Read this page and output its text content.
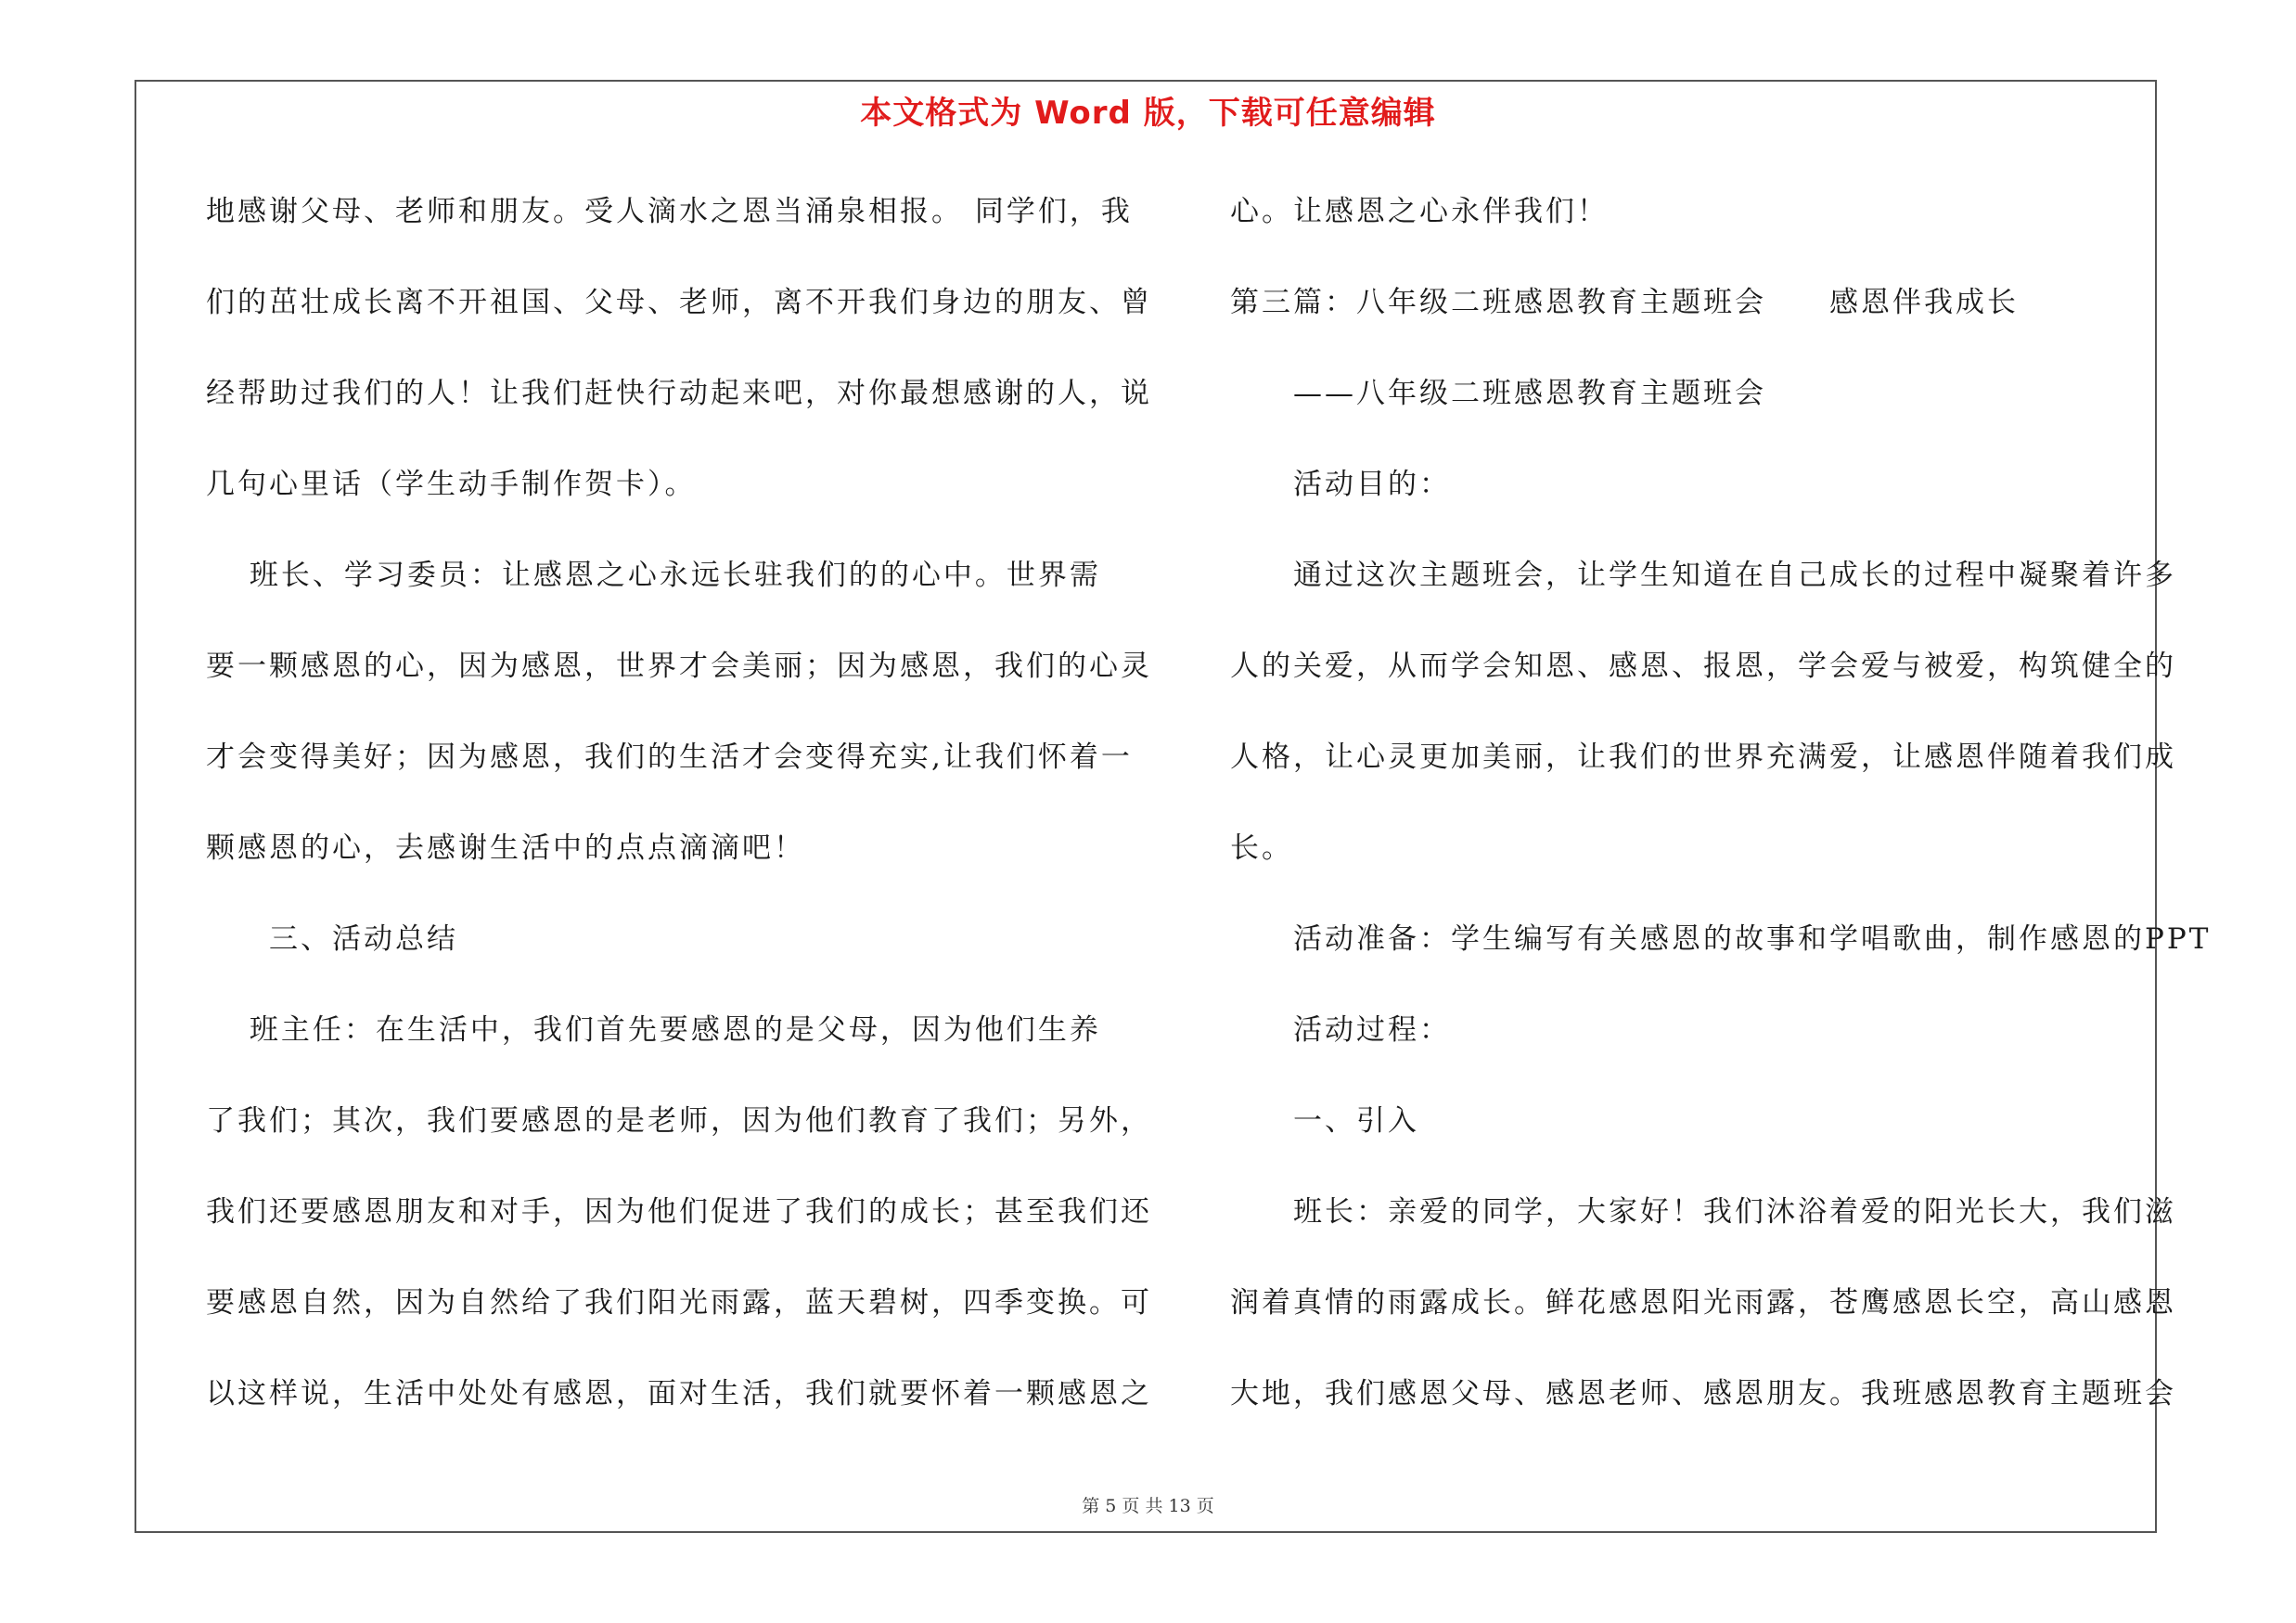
本文格式为 Word 版，下载可任意编辑
地感谢父母、老师和朋友。受人滴水之恩当涌泉相报。 同学们，我
们的茁壮成长离不开祖国、父母、老师，离不开我们身边的朋友、曾
经帮助过我们的人！让我们赶快行动起来吧，对你最想感谢的人，说
几句心里话（学生动手制作贺卡）。
　 班长、学习委员：让感恩之心永远长驻我们的的心中。世界需
要一颗感恩的心，因为感恩，世界才会美丽；因为感恩，我们的心灵
才会变得美好；因为感恩，我们的生活才会变得充实,让我们怀着一
颗感恩的心，去感谢生活中的点点滴滴吧！
　　三、活动总结
　 班主任：在生活中，我们首先要感恩的是父母，因为他们生养
了我们；其次，我们要感恩的是老师，因为他们教育了我们；另外，
我们还要感恩朋友和对手，因为他们促进了我们的成长；甚至我们还
要感恩自然，因为自然给了我们阳光雨露，蓝天碧树，四季变换。可
以这样说，生活中处处有感恩，面对生活，我们就要怀着一颗感恩之
心。让感恩之心永伴我们！
第三篇：八年级二班感恩教育主题班会　　感恩伴我成长
　　——八年级二班感恩教育主题班会
　　活动目的：
　　通过这次主题班会，让学生知道在自己成长的过程中凝聚着许多
人的关爱，从而学会知恩、感恩、报恩，学会爱与被爱，构筑健全的
人格，让心灵更加美丽，让我们的世界充满爱，让感恩伴随着我们成
长。
　　活动准备：学生编写有关感恩的故事和学唱歌曲，制作感恩的PPT
　　活动过程：
　　一、引入
　　班长：亲爱的同学，大家好！我们沐浴着爱的阳光长大，我们滋
润着真情的雨露成长。鲜花感恩阳光雨露，苍鹰感恩长空，高山感恩
大地，我们感恩父母、感恩老师、感恩朋友。我班感恩教育主题班会
第 5 页 共 13 页
